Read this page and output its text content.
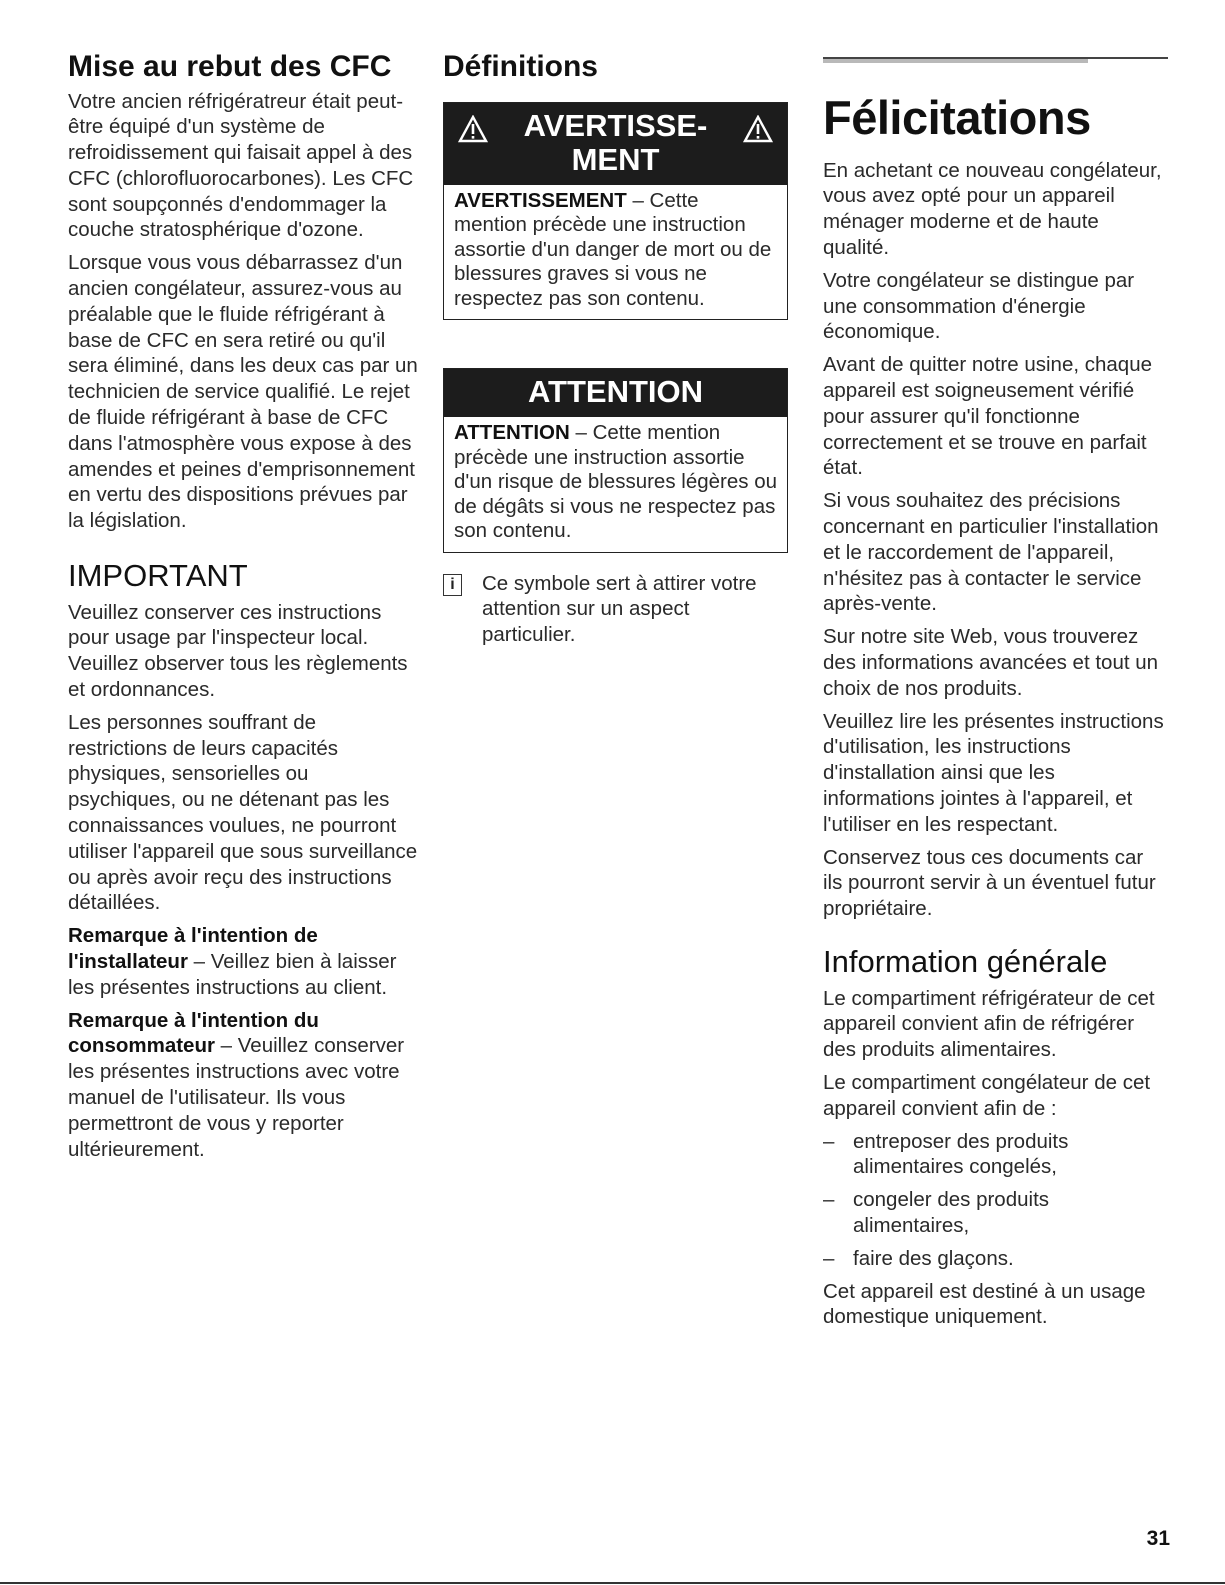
Mise au rebut des CFC

Votre ancien réfrigératreur était peut-être équipé d'un système de refroidissement qui faisait appel à des CFC (chlorofluorocarbones). Les CFC sont soupçonnés d'endommager la couche stratosphérique d'ozone.

Lorsque vous vous débarrassez d'un ancien congélateur, assurez-vous au préalable que le fluide réfrigérant à base de CFC en sera retiré ou qu'il sera éliminé, dans les deux cas par un technicien de service qualifié. Le rejet de fluide réfrigérant à base de CFC dans l'atmosphère vous expose à des amendes et peines d'emprisonnement en vertu des dispositions prévues par la législation.

IMPORTANT

Veuillez conserver ces instructions pour usage par l'inspecteur local. Veuillez observer tous les règlements et ordonnances.

Les personnes souffrant de restrictions de leurs capacités physiques, sensorielles ou psychiques, ou ne détenant pas les connaissances voulues, ne pourront utiliser l'appareil que sous surveillance ou après avoir reçu des instructions détaillées.

Remarque à l'intention de l'installateur – Veillez bien à laisser les présentes instructions au client.

Remarque à l'intention du consommateur – Veuillez conserver les présentes instructions avec votre manuel de l'utilisateur. Ils vous permettront de vous y reporter ultérieurement.

Définitions
AVERTISSE- MENT

AVERTISSEMENT – Cette mention précède une instruction assortie d'un danger de mort ou de blessures graves si vous ne respectez pas son contenu.

ATTENTION

ATTENTION – Cette mention précède une instruction assortie d'un risque de blessures légères ou de dégâts si vous ne respectez pas son contenu.

i	Ce symbole sert à attirer votre attention sur un aspect particulier.

Félicitations

En achetant ce nouveau congélateur, vous avez opté pour un appareil ménager moderne et de haute qualité.

Votre congélateur se distingue par une consommation d'énergie économique.

Avant de quitter notre usine, chaque appareil est soigneusement vérifié pour assurer qu'il fonctionne correctement et se trouve en parfait état.

Si vous souhaitez des précisions concernant en particulier l'installation et le raccordement de l'appareil, n'hésitez pas à contacter le service après-vente.

Sur notre site Web, vous trouverez des informations avancées et tout un choix de nos produits.

Veuillez lire les présentes instructions d'utilisation, les instructions d'installation ainsi que les informations jointes à l'appareil, et l'utiliser en les respectant.

Conservez tous ces documents car ils pourront servir à un éventuel futur propriétaire.

Information générale

Le compartiment réfrigérateur de cet appareil convient afin de réfrigérer des produits alimentaires.

Le compartiment congélateur de cet appareil convient afin de :

– entreposer des produits alimentaires congelés,

– congeler des produits alimentaires,

– faire des glaçons.

Cet appareil est destiné à un usage domestique uniquement.

31
